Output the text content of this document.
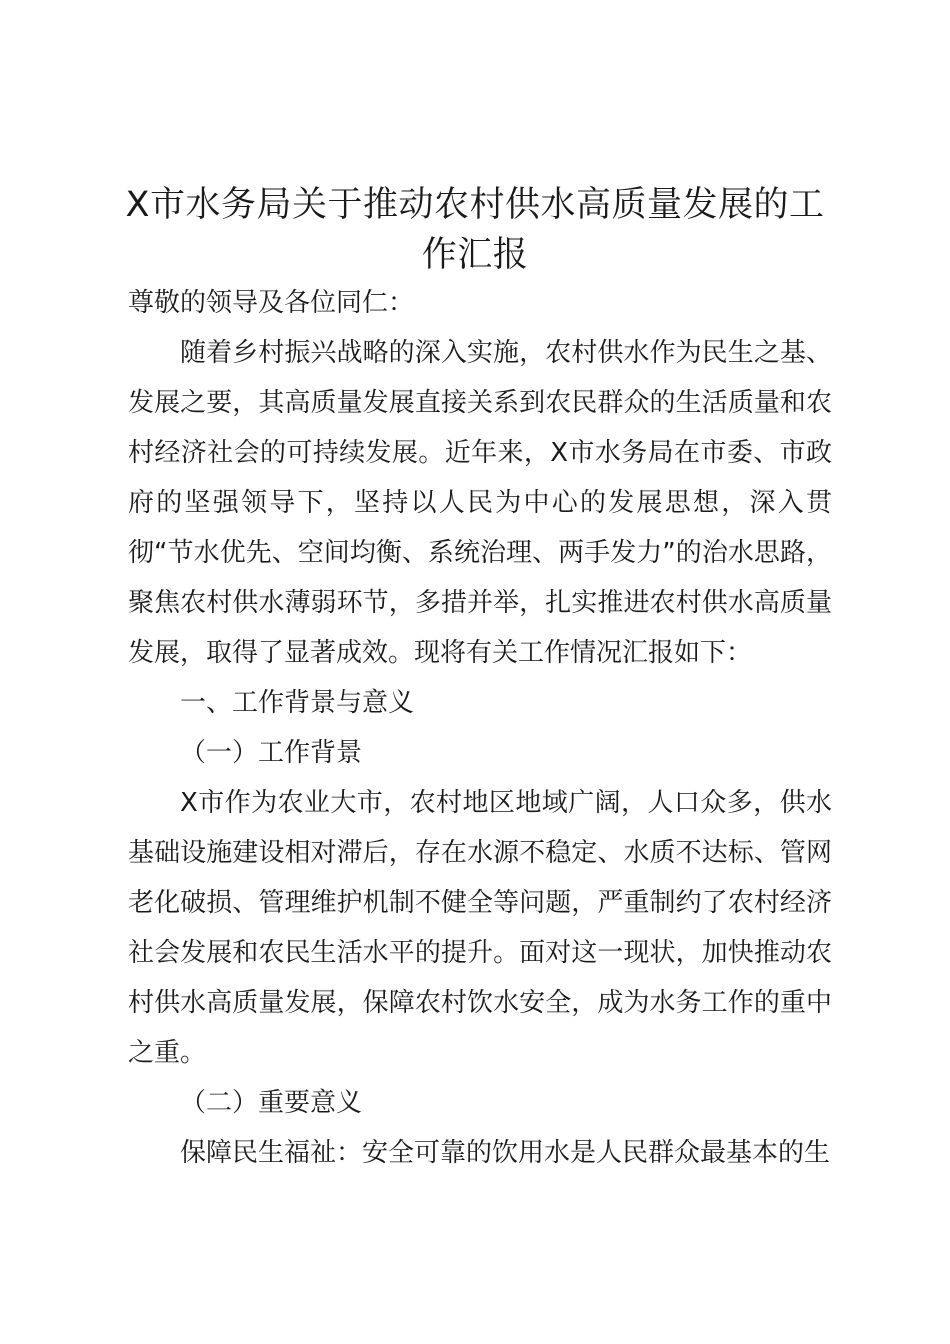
X市水务局关于推动农村供水高质量发展的工作汇报

尊敬的领导及各位同仁：

随着乡村振兴战略的深入实施，农村供水作为民生之基、发展之要，其高质量发展直接关系到农民群众的生活质量和农村经济社会的可持续发展。近年来，X市水务局在市委、市政府的坚强领导下，坚持以人民为中心的发展思想，深入贯彻“节水优先、空间均衡、系统治理、两手发力”的治水思路，聚焦农村供水薄弱环节，多措并举，扎实推进农村供水高质量发展，取得了显著成效。现将有关工作情况汇报如下：

一、工作背景与意义

（一）工作背景

X市作为农业大市，农村地区地域广阔，人口众多，供水基础设施建设相对滞后，存在水源不稳定、水质不达标、管网老化破损、管理维护机制不健全等问题，严重制约了农村经济社会发展和农民生活水平的提升。面对这一现状，加快推动农村供水高质量发展，保障农村饮水安全，成为水务工作的重中之重。

（二）重要意义

保障民生福祉：安全可靠的饮用水是人民群众最基本的生
